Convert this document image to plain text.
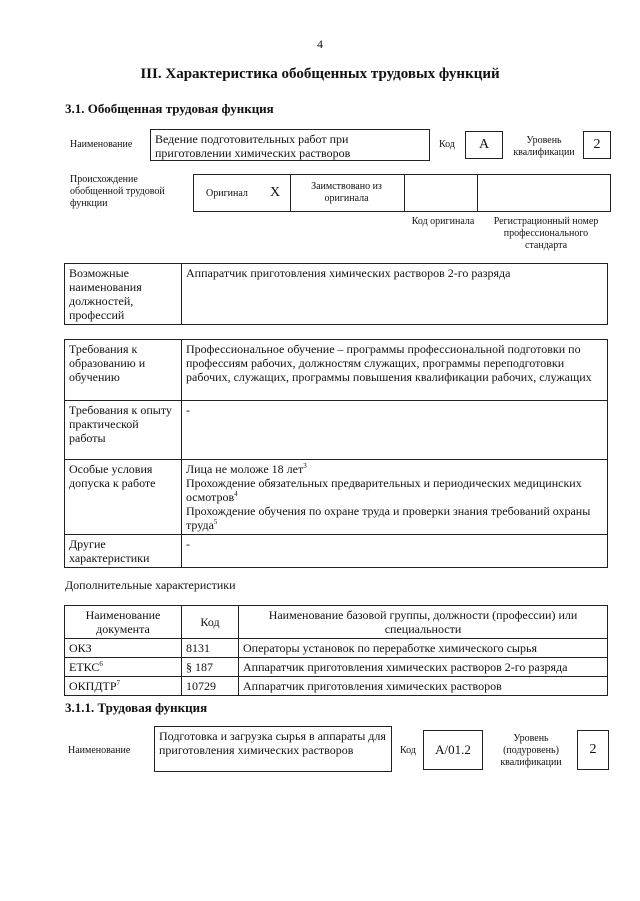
4
III. Характеристика обобщенных трудовых функций
3.1. Обобщенная трудовая функция
Наименование	Ведение подготовительных работ при приготовлении химических растворов
Код	А	Уровень квалификации
2
Происхождение обобщенной трудовой функции
Оригинал X	Заимствовано из оригинала
Код оригинала	Регистрационный номер профессионального стандарта
Возможные наименования должностей, профессий	Аппаратчик приготовления химических растворов 2-го разряда
Требования к образованию и обучению	Профессиональное обучение – программы профессиональной подготовки по профессиям рабочих, должностям служащих, программы переподготовки рабочих, служащих, программы повышения квалификации рабочих, служащих
Требования к опыту практической работы	-
Особые условия допуска к работе	Лица не моложе 18 лет$^3$
Прохождение обязательных предварительных и периодических медицинских осмотров$^4$
Прохождение обучения по охране труда и проверки знания требований охраны труда$^5$

Другие характеристики	-
Дополнительные характеристики
Наименование документа	Код	Наименование базовой группы, должности (профессии) или специальности
ОКЗ	8131	Операторы установок по переработке химического сырья
ЕТКС$^6$	§ 187	Аппаратчик приготовления химических растворов 2-го разряда
ОКПДТР$^7$	10729	Аппаратчик приготовления химических растворов
3.1.1. Трудовая функция
Наименование
Подготовка и загрузка сырья в аппараты для приготовления химических растворов	Код	А/01.2
Уровень (подуровень) квалификации
2
